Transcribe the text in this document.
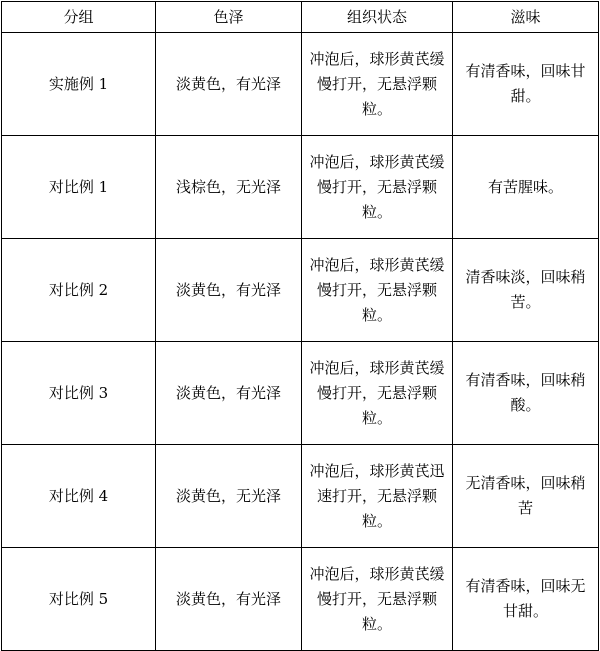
分组	色泽	组织状态	滋味
实施例 1	淡黄色，有光泽	冲泡后，球形黄芪缓慢打开，无悬浮颗粒。	有清香味，回味甘甜。
对比例 1	浅棕色，无光泽	冲泡后，球形黄芪缓慢打开，无悬浮颗粒。	有苦腥味。
对比例 2	淡黄色，有光泽	冲泡后，球形黄芪缓慢打开，无悬浮颗粒。	清香味淡，回味稍苦。
对比例 3	淡黄色，有光泽	冲泡后，球形黄芪缓慢打开，无悬浮颗粒。	有清香味，回味稍酸。
对比例 4	淡黄色，无光泽	冲泡后，球形黄芪迅速打开，无悬浮颗粒。	无清香味，回味稍苦
对比例 5	淡黄色，有光泽	冲泡后，球形黄芪缓慢打开，无悬浮颗粒。	有清香味，回味无甘甜。
